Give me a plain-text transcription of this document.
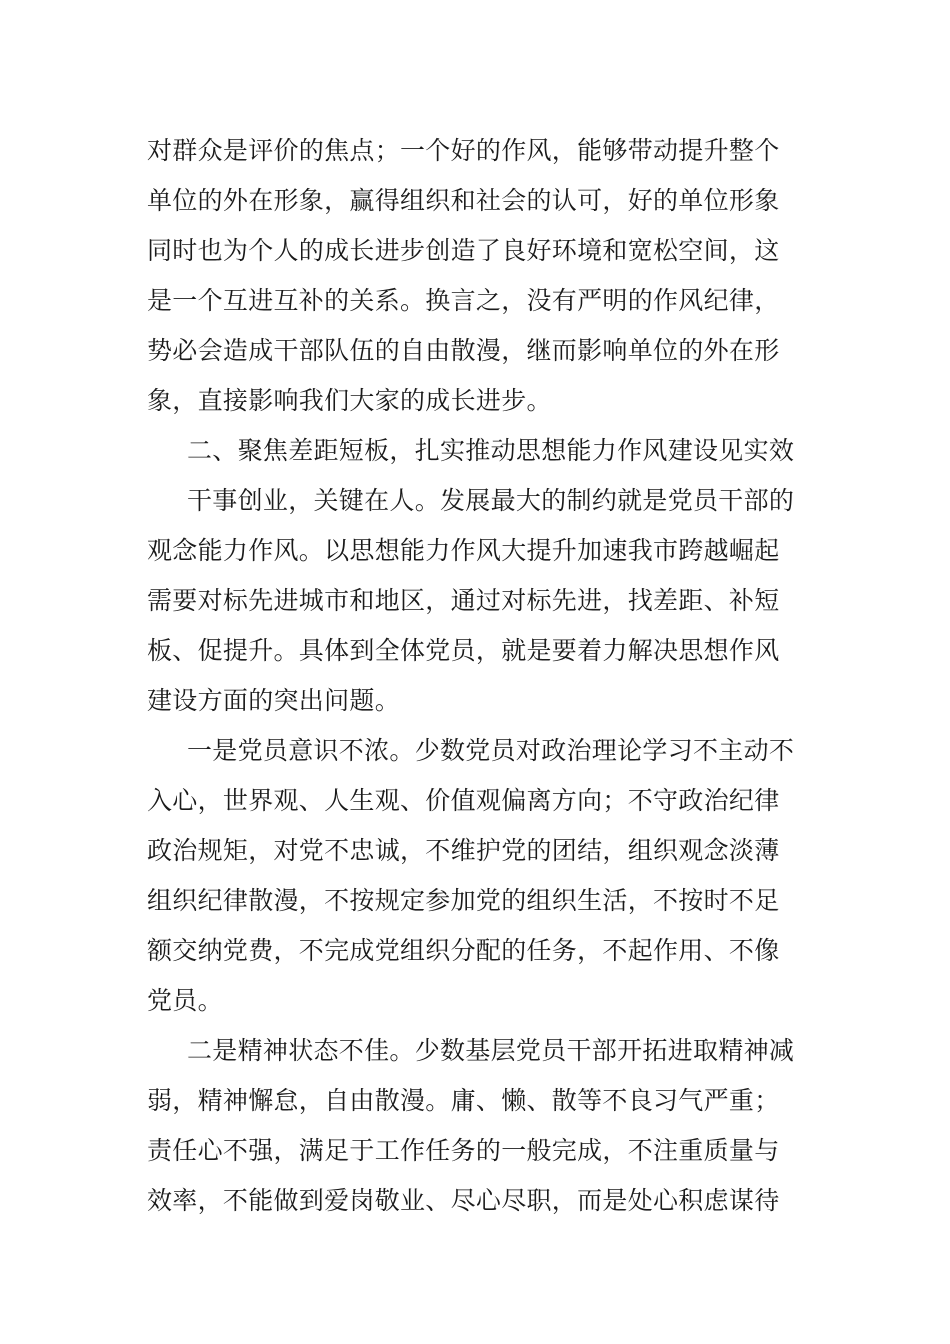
对群众是评价的焦点；一个好的作风，能够带动提升整个
单位的外在形象，赢得组织和社会的认可，好的单位形象
同时也为个人的成长进步创造了良好环境和宽松空间，这
是一个互进互补的关系。换言之，没有严明的作风纪律，
势必会造成干部队伍的自由散漫，继而影响单位的外在形
象，直接影响我们大家的成长进步。
二、聚焦差距短板，扎实推动思想能力作风建设见实效
干事创业，关键在人。发展最大的制约就是党员干部的
观念能力作风。以思想能力作风大提升加速我市跨越崛起
需要对标先进城市和地区，通过对标先进，找差距、补短
板、促提升。具体到全体党员，就是要着力解决思想作风
建设方面的突出问题。
一是党员意识不浓。少数党员对政治理论学习不主动不
入心，世界观、人生观、价值观偏离方向；不守政治纪律
政治规矩，对党不忠诚，不维护党的团结，组织观念淡薄
组织纪律散漫，不按规定参加党的组织生活，不按时不足
额交纳党费，不完成党组织分配的任务，不起作用、不像
党员。
二是精神状态不佳。少数基层党员干部开拓进取精神减
弱，精神懈怠，自由散漫。庸、懒、散等不良习气严重；
责任心不强，满足于工作任务的一般完成，不注重质量与
效率，不能做到爱岗敬业、尽心尽职，而是处心积虑谋待
